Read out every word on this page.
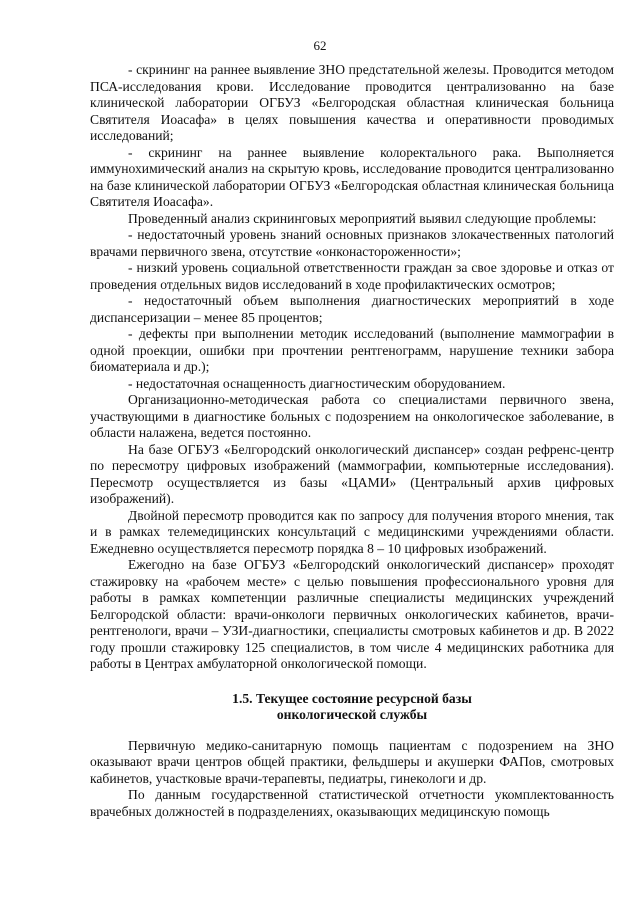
62

- скрининг на раннее выявление ЗНО предстательной железы. Проводится методом ПСА-исследования крови. Исследование проводится централизованно на базе клинической лаборатории ОГБУЗ «Белгородская областная клиническая больница Святителя Иоасафа» в целях повышения качества и оперативности проводимых исследований;

- скрининг на раннее выявление колоректального рака. Выполняется иммунохимический анализ на скрытую кровь, исследование проводится централизованно на базе клинической лаборатории ОГБУЗ «Белгородская областная клиническая больница Святителя Иоасафа».

Проведенный анализ скрининговых мероприятий выявил следующие проблемы:

- недостаточный уровень знаний основных признаков злокачественных патологий врачами первичного звена, отсутствие «онконастороженности»;

- низкий уровень социальной ответственности граждан за свое здоровье и отказ от проведения отдельных видов исследований в ходе профилактических осмотров;

- недостаточный объем выполнения диагностических мероприятий в ходе диспансеризации – менее 85 процентов;

- дефекты при выполнении методик исследований (выполнение маммографии в одной проекции, ошибки при прочтении рентгенограмм, нарушение техники забора биоматериала и др.);

- недостаточная оснащенность диагностическим оборудованием.

Организационно-методическая работа со специалистами первичного звена, участвующими в диагностике больных с подозрением на онкологическое заболевание, в области налажена, ведется постоянно.

На базе ОГБУЗ «Белгородский онкологический диспансер» создан рефренс-центр по пересмотру цифровых изображений (маммографии, компьютерные исследования). Пересмотр осуществляется из базы «ЦАМИ» (Центральный архив цифровых изображений).

Двойной пересмотр проводится как по запросу для получения второго мнения, так и в рамках телемедицинских консультаций с медицинскими учреждениями области. Ежедневно осуществляется пересмотр порядка 8 – 10 цифровых изображений.

Ежегодно на базе ОГБУЗ «Белгородский онкологический диспансер» проходят стажировку на «рабочем месте» с целью повышения профессионального уровня для работы в рамках компетенции различные специалисты медицинских учреждений Белгородской области: врачи-онкологи первичных онкологических кабинетов, врачи-рентгенологи, врачи – УЗИ-диагностики, специалисты смотровых кабинетов и др. В 2022 году прошли стажировку 125 специалистов, в том числе 4 медицинских работника для работы в Центрах амбулаторной онкологической помощи.

1.5. Текущее состояние ресурсной базы
онкологической службы

Первичную медико-санитарную помощь пациентам с подозрением на ЗНО оказывают врачи центров общей практики, фельдшеры и акушерки ФАПов, смотровых кабинетов, участковые врачи-терапевты, педиатры, гинекологи и др.

По данным государственной статистической отчетности укомплектованность врачебных должностей в подразделениях, оказывающих медицинскую помощь
